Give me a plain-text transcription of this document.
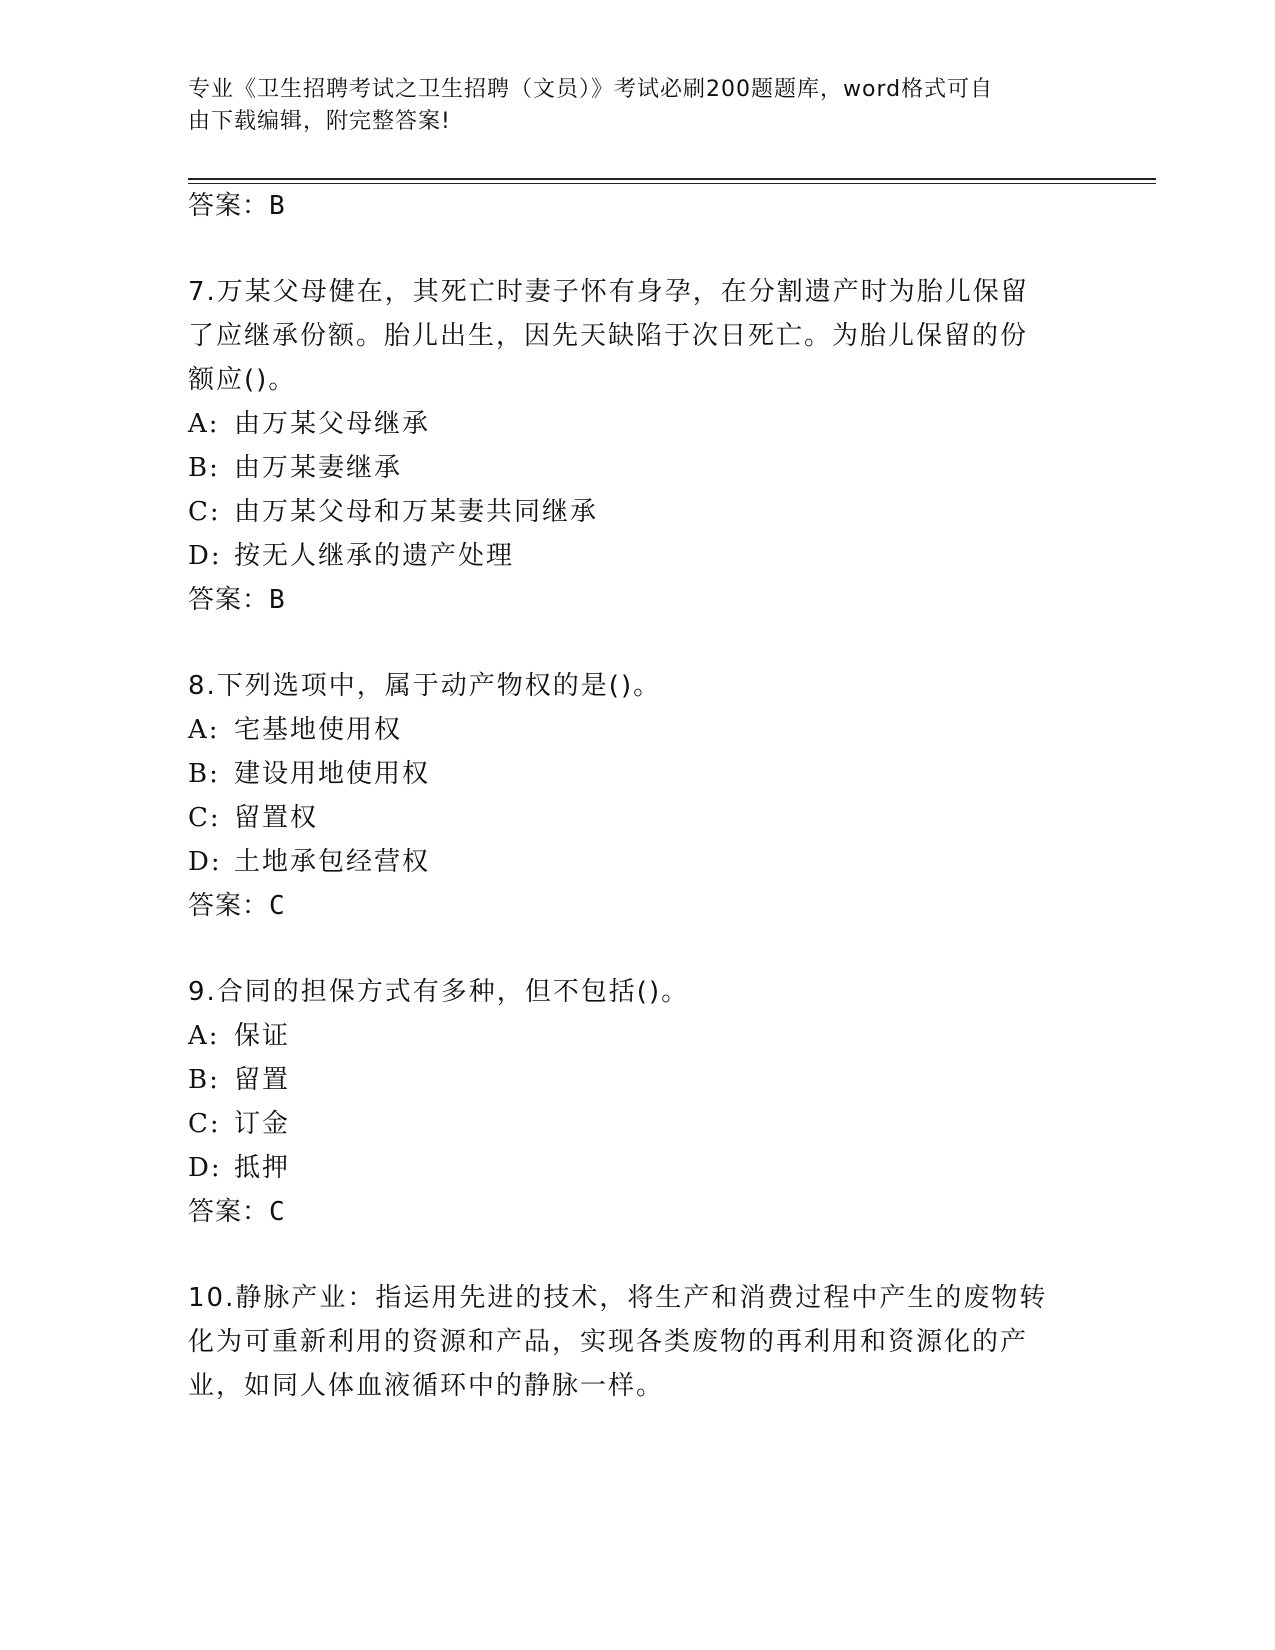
专业《卫生招聘考试之卫生招聘（文员）》考试必刷200题题库，word格式可自
由下载编辑，附完整答案!

答案：B

7.万某父母健在，其死亡时妻子怀有身孕，在分割遗产时为胎儿保留

了应继承份额。胎儿出生，因先天缺陷于次日死亡。为胎儿保留的份

额应()。

A: 由万某父母继承

B: 由万某妻继承

C: 由万某父母和万某妻共同继承

D: 按无人继承的遗产处理

答案：B

8.下列选项中，属于动产物权的是()。

A: 宅基地使用权

B: 建设用地使用权

C: 留置权

D: 土地承包经营权

答案：C

9.合同的担保方式有多种，但不包括()。

A: 保证

B: 留置

C: 订金

D: 抵押

答案：C

10.静脉产业：指运用先进的技术，将生产和消费过程中产生的废物转

化为可重新利用的资源和产品，实现各类废物的再利用和资源化的产

业，如同人体血液循环中的静脉一样。
